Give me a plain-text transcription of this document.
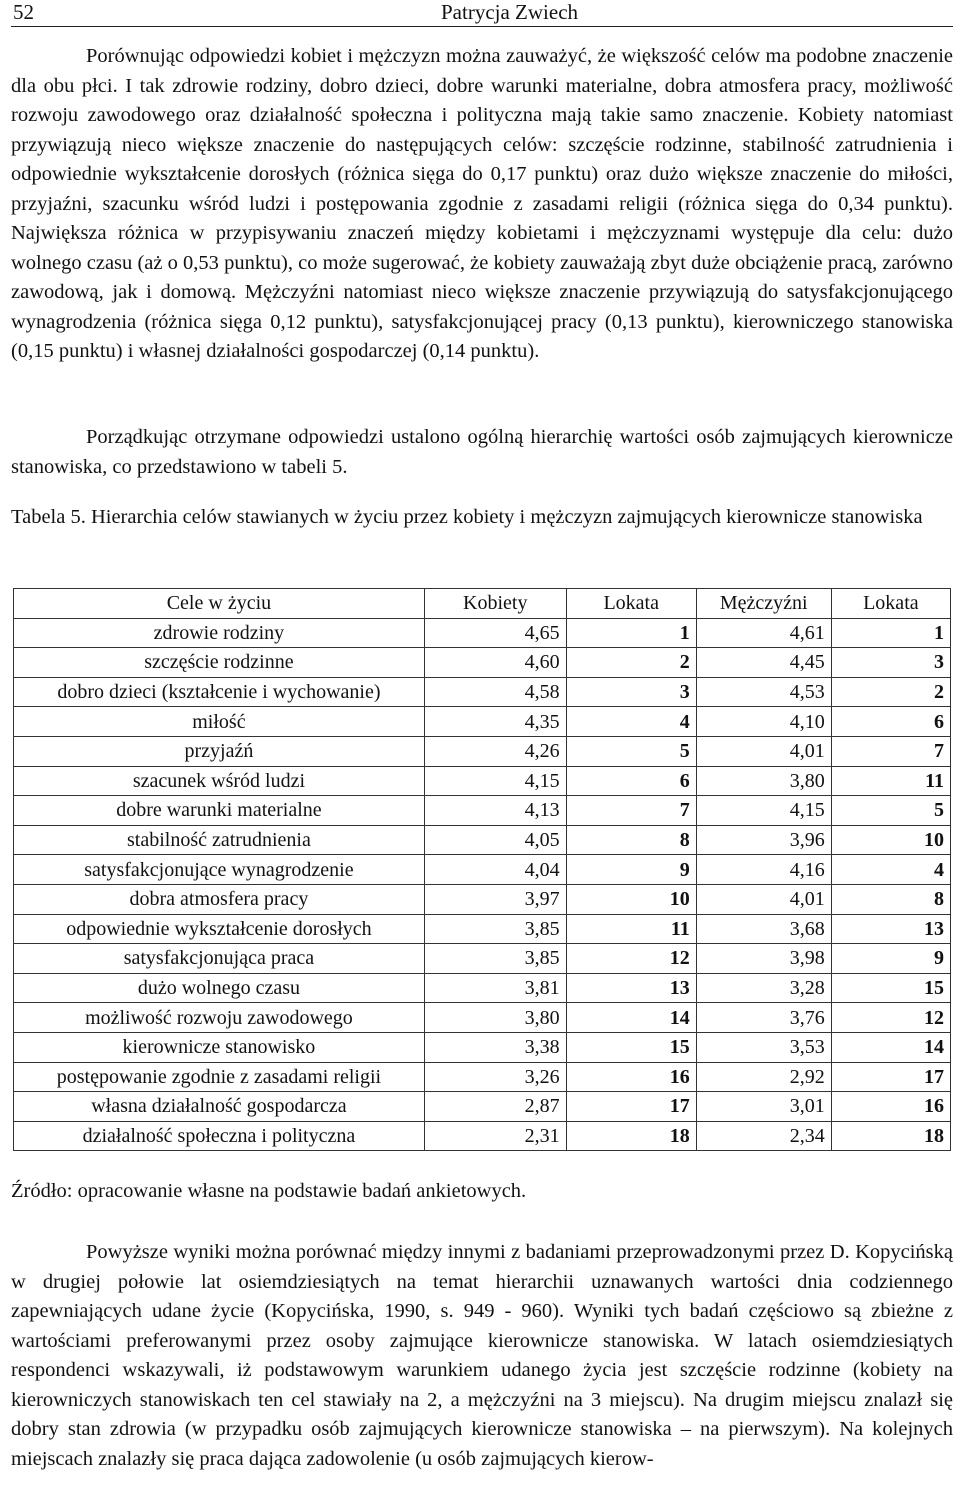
52	Patrycja Zwiech

Porównując odpowiedzi kobiet i mężczyzn można zauważyć, że większość celów ma podobne znaczenie dla obu płci. I tak zdrowie rodziny, dobro dzieci, dobre warunki materialne, dobra atmosfera pracy, możliwość rozwoju zawodowego oraz działalność społeczna i polityczna mają takie samo znaczenie. Kobiety natomiast przywiązują nieco większe znaczenie do następujących celów: szczęście rodzinne, stabilność zatrudnienia i odpowiednie wykształcenie dorosłych (różnica sięga do 0,17 punktu) oraz dużo większe znaczenie do miłości, przyjaźni, szacunku wśród ludzi i postępowania zgodnie z zasadami religii (różnica sięga do 0,34 punktu). Największa różnica w przypisywaniu znaczeń między kobietami i mężczyznami występuje dla celu: dużo wolnego czasu (aż o 0,53 punktu), co może sugerować, że kobiety zauważają zbyt duże obciążenie pracą, zarówno zawodową, jak i domową. Mężczyźni natomiast nieco większe znaczenie przywiązują do satysfakcjonującego wynagrodzenia (różnica sięga 0,12 punktu), satysfakcjonującej pracy (0,13 punktu), kierowniczego stanowiska (0,15 punktu) i własnej działalności gospodarczej (0,14 punktu).

Porządkując otrzymane odpowiedzi ustalono ogólną hierarchię wartości osób zajmujących kierownicze stanowiska, co przedstawiono w tabeli 5.

Tabela 5. Hierarchia celów stawianych w życiu przez kobiety i mężczyzn zajmujących kierownicze stanowiska
Cele w życiu	Kobiety	Lokata	Mężczyźni	Lokata
zdrowie rodziny	4,65	1	4,61	1
szczęście rodzinne	4,60	2	4,45	3
dobro dzieci (kształcenie i wychowanie)	4,58	3	4,53	2
miłość	4,35	4	4,10	6
przyjaźń	4,26	5	4,01	7
szacunek wśród ludzi	4,15	6	3,80	11
dobre warunki materialne	4,13	7	4,15	5
stabilność zatrudnienia	4,05	8	3,96	10
satysfakcjonujące wynagrodzenie	4,04	9	4,16	4
dobra atmosfera pracy	3,97	10	4,01	8
odpowiednie wykształcenie dorosłych	3,85	11	3,68	13
satysfakcjonująca praca	3,85	12	3,98	9
dużo wolnego czasu	3,81	13	3,28	15
możliwość rozwoju zawodowego	3,80	14	3,76	12
kierownicze stanowisko	3,38	15	3,53	14
postępowanie zgodnie z zasadami religii	3,26	16	2,92	17
własna działalność gospodarcza	2,87	17	3,01	16
działalność społeczna i polityczna	2,31	18	2,34	18
Źródło: opracowanie własne na podstawie badań ankietowych.

Powyższe wyniki można porównać między innymi z badaniami przeprowadzonymi przez D. Kopycińską w drugiej połowie lat osiemdziesiątych na temat hierarchii uznawanych wartości dnia codziennego zapewniających udane życie (Kopycińska, 1990, s. 949 - 960). Wyniki tych badań częściowo są zbieżne z wartościami preferowanymi przez osoby zajmujące kierownicze stanowiska. W latach osiemdziesiątych respondenci wskazywali, iż podstawowym warunkiem udanego życia jest szczęście rodzinne (kobiety na kierowniczych stanowiskach ten cel stawiały na 2, a mężczyźni na 3 miejscu). Na drugim miejscu znalazł się dobry stan zdrowia (w przypadku osób zajmujących kierownicze stanowiska – na pierwszym). Na kolejnych miejscach znalazły się praca dająca zadowolenie (u osób zajmujących kierow-
